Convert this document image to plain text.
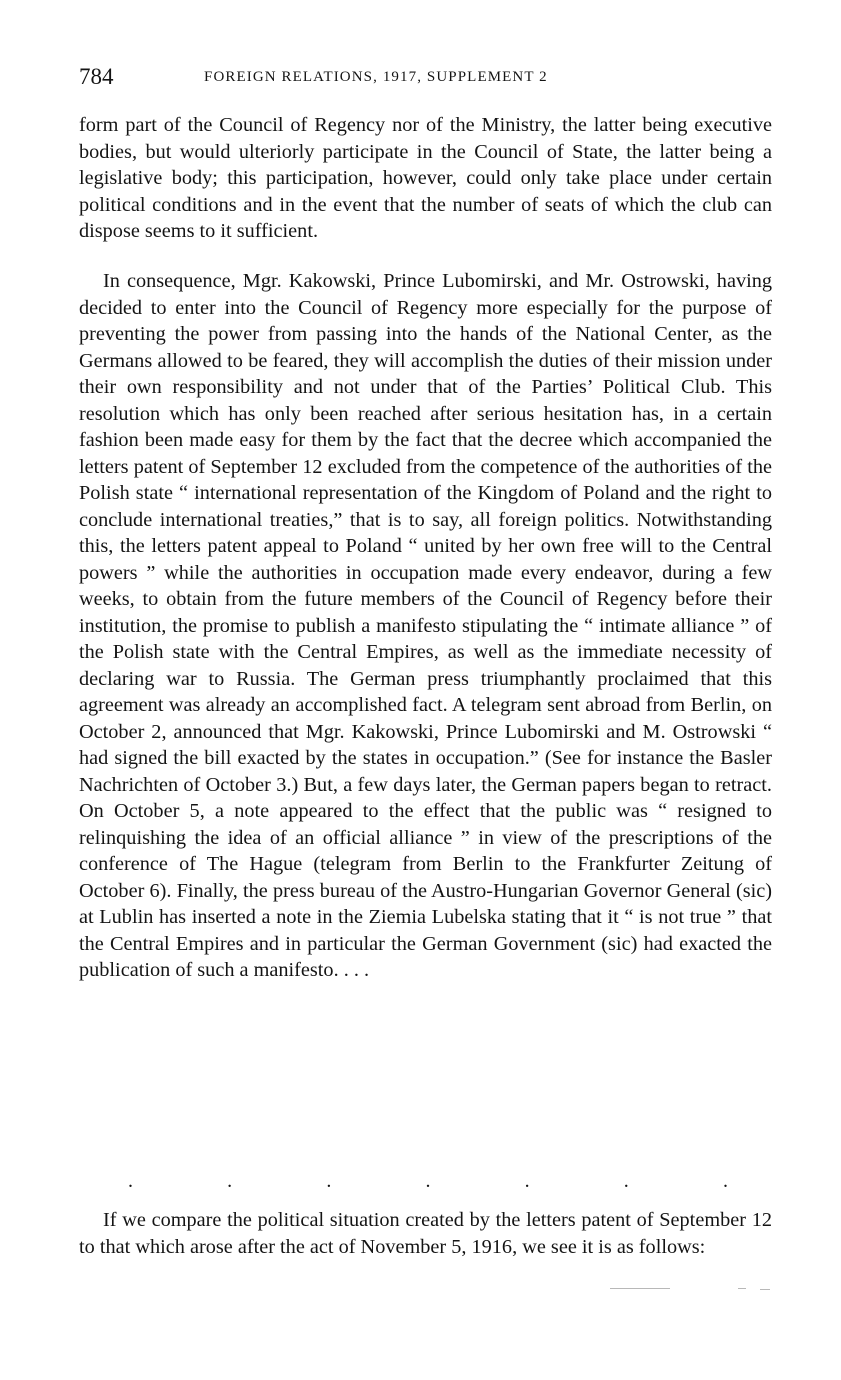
784	FOREIGN RELATIONS, 1917, SUPPLEMENT 2

form part of the Council of Regency nor of the Ministry, the latter being executive bodies, but would ulteriorly participate in the Council of State, the latter being a legislative body; this participation, however, could only take place under certain political conditions and in the event that the number of seats of which the club can dispose seems to it sufficient.

In consequence, Mgr. Kakowski, Prince Lubomirski, and Mr. Ostrowski, having decided to enter into the Council of Regency more especially for the purpose of preventing the power from passing into the hands of the National Center, as the Germans allowed to be feared, they will accomplish the duties of their mission under their own responsibility and not under that of the Parties’ Political Club. This resolution which has only been reached after serious hesitation has, in a certain fashion been made easy for them by the fact that the decree which accompanied the letters patent of September 12 excluded from the competence of the authorities of the Polish state “ international representation of the Kingdom of Poland and the right to conclude international treaties,” that is to say, all foreign politics. Notwithstanding this, the letters patent appeal to Poland “ united by her own free will to the Central powers ” while the authorities in occupation made every endeavor, during a few weeks, to obtain from the future members of the Council of Regency before their institution, the promise to publish a manifesto stipulating the “ intimate alliance ” of the Polish state with the Central Empires, as well as the immediate necessity of declaring war to Russia. The German press triumphantly proclaimed that this agreement was already an accomplished fact. A telegram sent abroad from Berlin, on October 2, announced that Mgr. Kakowski, Prince Lubomirski and M. Ostrowski “ had signed the bill exacted by the states in occupation.” (See for instance the Basler Nachrichten of October 3.) But, a few days later, the German papers began to retract. On October 5, a note appeared to the effect that the public was “ resigned to relinquishing the idea of an official alliance ” in view of the prescriptions of the conference of The Hague (telegram from Berlin to the Frankfurter Zeitung of October 6). Finally, the press bureau of the Austro-Hungarian Governor General (sic) at Lublin has inserted a note in the Ziemia Lubelska stating that it “ is not true ” that the Central Empires and in particular the German Government (sic) had exacted the publication of such a manifesto. . . .

.	.	.	.	.	.	.

If we compare the political situation created by the letters patent of September 12 to that which arose after the act of November 5, 1916, we see it is as follows:
